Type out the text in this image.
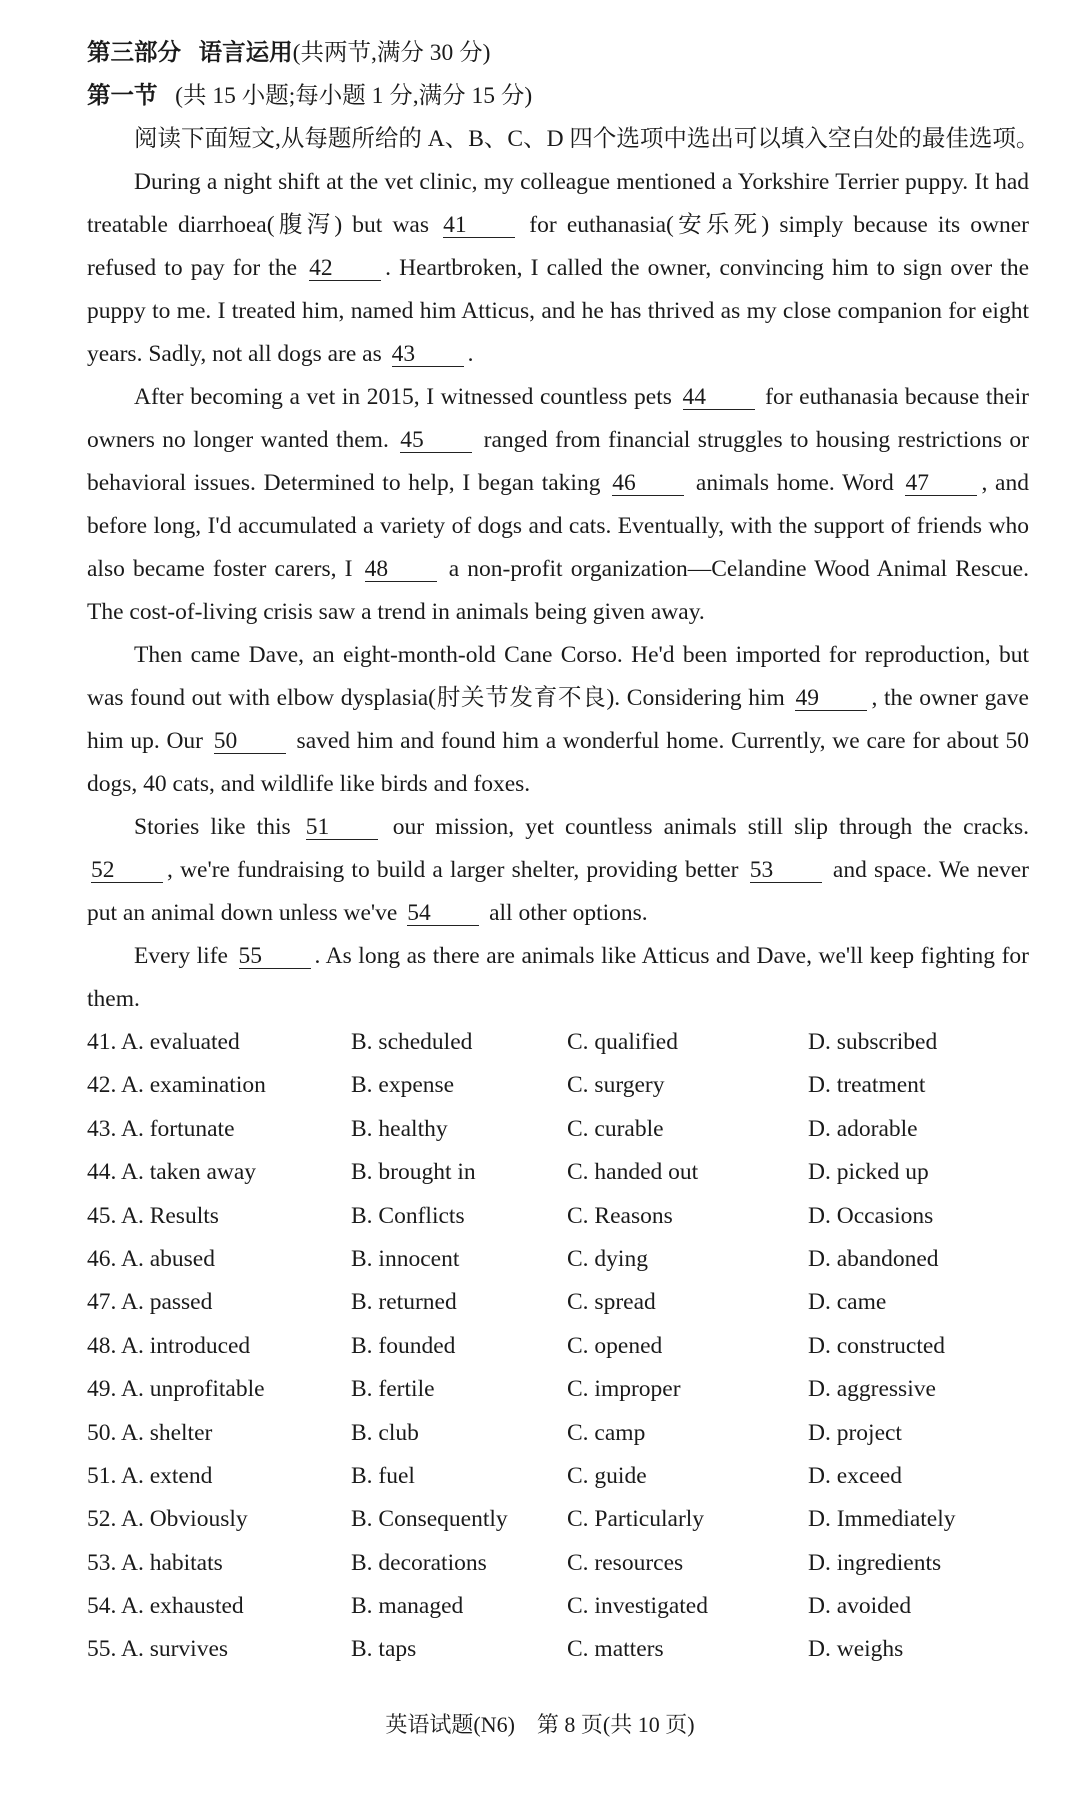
第三部分 语言运用(共两节,满分 30 分)
第一节 (共 15 小题;每小题 1 分,满分 15 分)
阅读下面短文,从每题所给的 A、B、C、D 四个选项中选出可以填入空白处的最佳选项。

During a night shift at the vet clinic, my colleague mentioned a Yorkshire Terrier puppy. It had treatable diarrhoea(腹泻) but was 41 for euthanasia(安乐死) simply because its owner refused to pay for the 42 . Heartbroken, I called the owner, convincing him to sign over the puppy to me. I treated him, named him Atticus, and he has thrived as my close companion for eight years. Sadly, not all dogs are as 43 .

After becoming a vet in 2015, I witnessed countless pets 44 for euthanasia because their owners no longer wanted them. 45 ranged from financial struggles to housing restrictions or behavioral issues. Determined to help, I began taking 46 animals home. Word 47 , and before long, I'd accumulated a variety of dogs and cats. Eventually, with the support of friends who also became foster carers, I 48 a non-profit organization—Celandine Wood Animal Rescue. The cost-of-living crisis saw a trend in animals being given away.

Then came Dave, an eight-month-old Cane Corso. He'd been imported for reproduction, but was found out with elbow dysplasia(肘关节发育不良). Considering him 49 , the owner gave him up. Our 50 saved him and found him a wonderful home. Currently, we care for about 50 dogs, 40 cats, and wildlife like birds and foxes.

Stories like this 51 our mission, yet countless animals still slip through the cracks. 52 , we're fundraising to build a larger shelter, providing better 53 and space. We never put an animal down unless we've 54 all other options.

Every life 55 . As long as there are animals like Atticus and Dave, we'll keep fighting for them.

41. A. evaluated	B. scheduled	C. qualified	D. subscribed
42. A. examination	B. expense	C. surgery	D. treatment
43. A. fortunate	B. healthy	C. curable	D. adorable
44. A. taken away	B. brought in	C. handed out	D. picked up
45. A. Results	B. Conflicts	C. Reasons	D. Occasions
46. A. abused	B. innocent	C. dying	D. abandoned
47. A. passed	B. returned	C. spread	D. came
48. A. introduced	B. founded	C. opened	D. constructed
49. A. unprofitable	B. fertile	C. improper	D. aggressive
50. A. shelter	B. club	C. camp	D. project
51. A. extend	B. fuel	C. guide	D. exceed
52. A. Obviously	B. Consequently	C. Particularly	D. Immediately
53. A. habitats	B. decorations	C. resources	D. ingredients
54. A. exhausted	B. managed	C. investigated	D. avoided
55. A. survives	B. taps	C. matters	D. weighs
英语试题(N6)　第 8 页(共 10 页)
